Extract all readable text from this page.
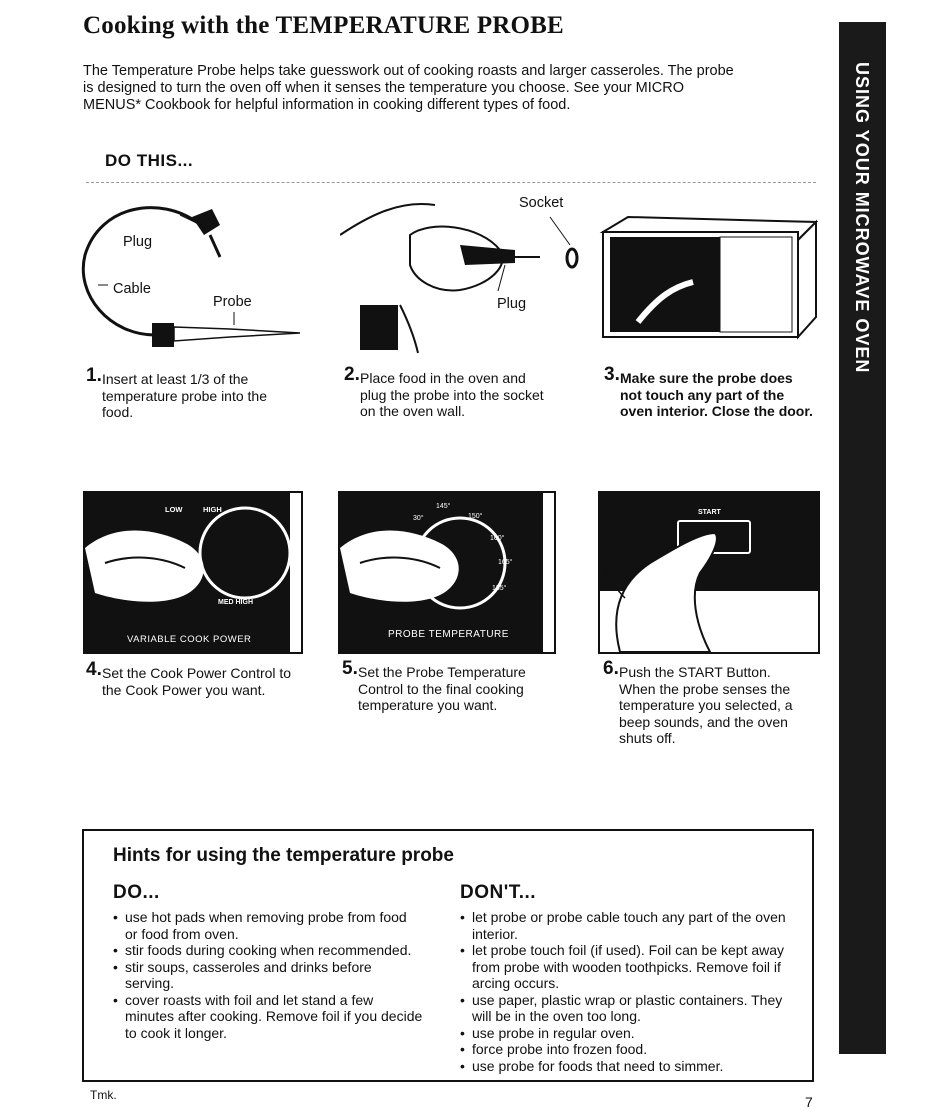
Cooking with the TEMPERATURE PROBE
The Temperature Probe helps take guesswork out of cooking roasts and larger casseroles. The probe is designed to turn the oven off when it senses the temperature you choose. See your MICRO MENUS* Cookbook for helpful information in cooking different types of food.
DO THIS...	USING YOUR MICROWAVE OVEN
Plug
Cable
Probe
Socket
Plug
1. Insert at least 1/3 of the temperature probe into the food.
2. Place food in the oven and plug the probe into the socket on the oven wall.
3. Make sure the probe does not touch any part of the oven interior. Close the door.
LOW	HIGH
MED HIGH
VARIABLE COOK POWER
145°
150°
160°
165°
185°
30°
PROBE TEMPERATURE
START
4. Set the Cook Power Control to the Cook Power you want.
5. Set the Probe Temperature Control to the final cooking temperature you want.
6. Push the START Button. When the probe senses the temperature you selected, a beep sounds, and the oven shuts off.
Hints for using the temperature probe
DO...
• use hot pads when removing probe from food or food from oven.
• stir foods during cooking when recommended.
• stir soups, casseroles and drinks before serving.
• cover roasts with foil and let stand a few minutes after cooking. Remove foil if you decide to cook it longer.
DON'T...
• let probe or probe cable touch any part of the oven interior.
• let probe touch foil (if used). Foil can be kept away from probe with wooden toothpicks. Remove foil if arcing occurs.
• use paper, plastic wrap or plastic containers. They will be in the oven too long.
• use probe in regular oven.
• force probe into frozen food.
• use probe for foods that need to simmer.
Tmk.	7
